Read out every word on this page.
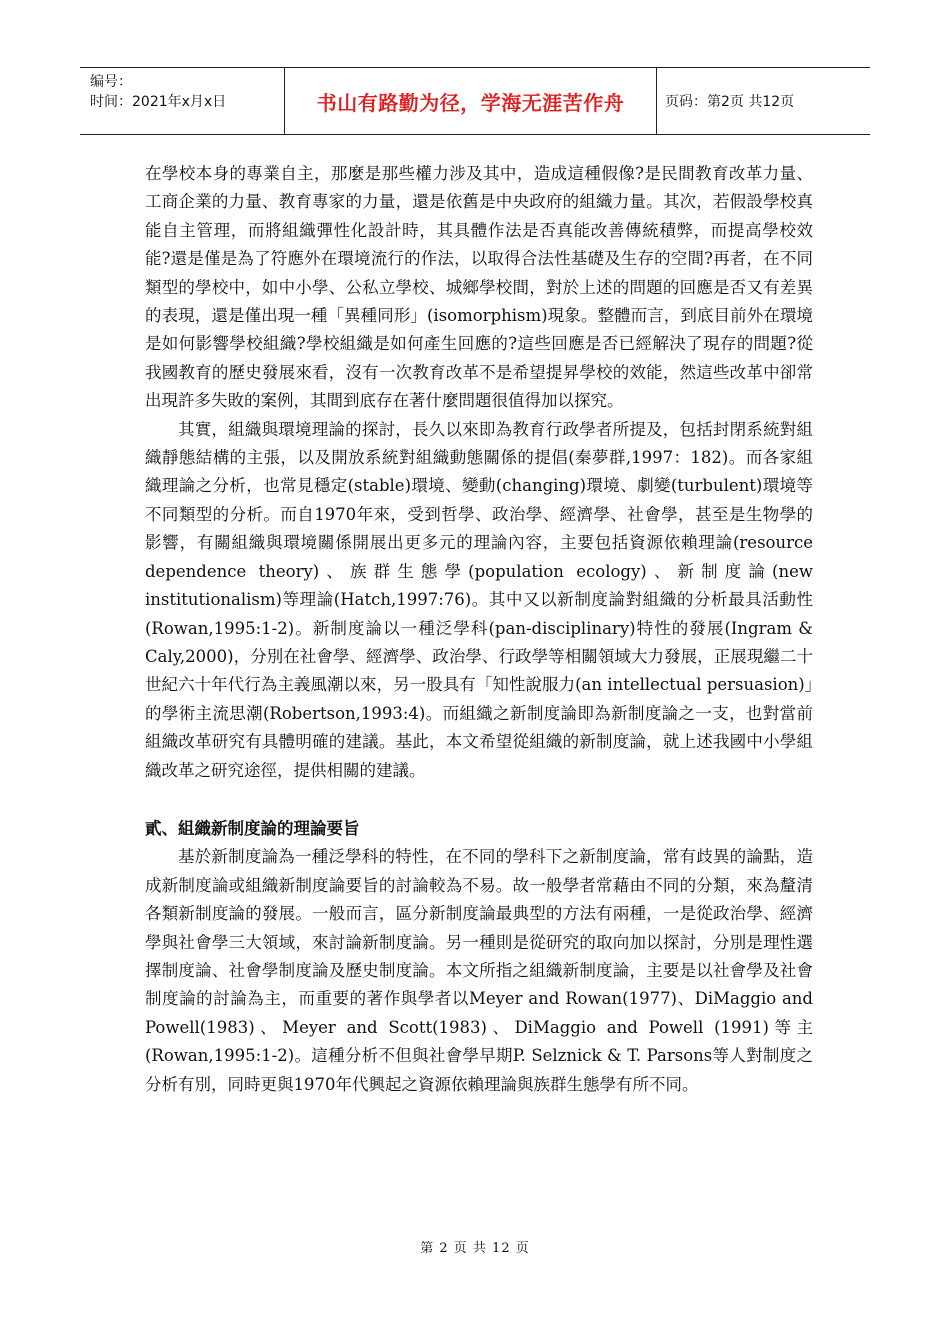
编号：
时间：2021年x月x日	书山有路勤为径，学海无涯苦作舟	页码：第2页 共12页

在學校本身的專業自主，那麼是那些權力涉及其中，造成這種假像?是民間教育改革力量、工商企業的力量、教育專家的力量，還是依舊是中央政府的組織力量。其次，若假設學校真能自主管理，而將組織彈性化設計時，其具體作法是否真能改善傳統積弊，而提高學校效能?還是僅是為了符應外在環境流行的作法，以取得合法性基礎及生存的空間?再者，在不同類型的學校中，如中小學、公私立學校、城鄉學校間，對於上述的問題的回應是否又有差異的表現，還是僅出現一種「異種同形」(isomorphism)現象。整體而言，到底目前外在環境是如何影響學校組織?學校組織是如何產生回應的?這些回應是否已經解決了現存的問題?從我國教育的歷史發展來看，沒有一次教育改革不是希望提昇學校的效能，然這些改革中卻常出現許多失敗的案例，其間到底存在著什麼問題很值得加以探究。

其實，組織與環境理論的探討，長久以來即為教育行政學者所提及，包括封閉系統對組織靜態結構的主張，以及開放系統對組織動態關係的提倡(秦夢群,1997：182)。而各家組織理論之分析，也常見穩定(stable)環境、變動(changing)環境、劇變(turbulent)環境等不同類型的分析。而自1970年來，受到哲學、政治學、經濟學、社會學，甚至是生物學的影響，有關組織與環境關係開展出更多元的理論內容，主要包括資源依賴理論(resource dependence theory)、族群生態學(population ecology)、新制度論(new institutionalism)等理論(Hatch,1997:76)。其中又以新制度論對組織的分析最具活動性(Rowan,1995:1-2)。新制度論以一種泛學科(pan-disciplinary)特性的發展(Ingram & Caly,2000)，分別在社會學、經濟學、政治學、行政學等相關領域大力發展，正展現繼二十世紀六十年代行為主義風潮以來，另一股具有「知性說服力(an intellectual persuasion)」的學術主流思潮(Robertson,1993:4)。而組織之新制度論即為新制度論之一支，也對當前組織改革研究有具體明確的建議。基此，本文希望從組織的新制度論，就上述我國中小學組織改革之研究途徑，提供相關的建議。

貳、組織新制度論的理論要旨

基於新制度論為一種泛學科的特性，在不同的學科下之新制度論，常有歧異的論點，造成新制度論或組織新制度論要旨的討論較為不易。故一般學者常藉由不同的分類，來為釐清各類新制度論的發展。一般而言，區分新制度論最典型的方法有兩種，一是從政治學、經濟學與社會學三大領域，來討論新制度論。另一種則是從研究的取向加以探討，分別是理性選擇制度論、社會學制度論及歷史制度論。本文所指之組織新制度論，主要是以社會學及社會制度論的討論為主，而重要的著作與學者以Meyer and Rowan(1977)、DiMaggio and Powell(1983)、Meyer and Scott(1983)、DiMaggio and Powell (1991)等主(Rowan,1995:1-2)。這種分析不但與社會學早期P. Selznick & T. Parsons等人對制度之分析有別，同時更與1970年代興起之資源依賴理論與族群生態學有所不同。

第 2 页 共 12 页
